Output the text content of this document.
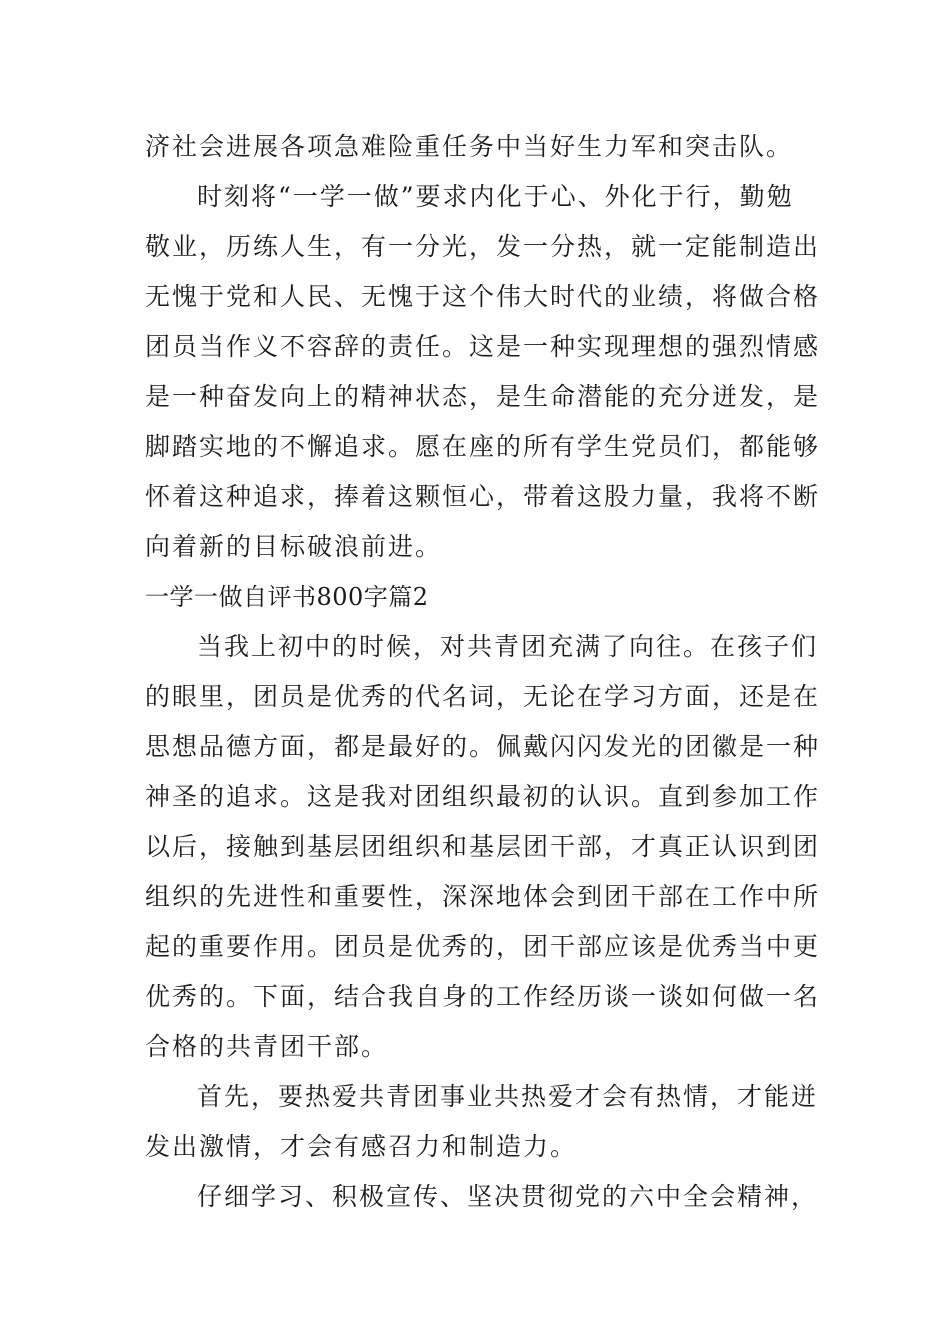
济社会进展各项急难险重任务中当好生力军和突击队。
时刻将“一学一做”要求内化于心、外化于行，勤勉
敬业，历练人生，有一分光，发一分热，就一定能制造出
无愧于党和人民、无愧于这个伟大时代的业绩，将做合格
团员当作义不容辞的责任。这是一种实现理想的强烈情感
是一种奋发向上的精神状态，是生命潜能的充分迸发，是
脚踏实地的不懈追求。愿在座的所有学生党员们，都能够
怀着这种追求，捧着这颗恒心，带着这股力量，我将不断
向着新的目标破浪前进。
一学一做自评书800字篇2
当我上初中的时候，对共青团充满了向往。在孩子们
的眼里，团员是优秀的代名词，无论在学习方面，还是在
思想品德方面，都是最好的。佩戴闪闪发光的团徽是一种
神圣的追求。这是我对团组织最初的认识。直到参加工作
以后，接触到基层团组织和基层团干部，才真正认识到团
组织的先进性和重要性，深深地体会到团干部在工作中所
起的重要作用。团员是优秀的，团干部应该是优秀当中更
优秀的。下面，结合我自身的工作经历谈一谈如何做一名
合格的共青团干部。
首先，要热爱共青团事业共热爱才会有热情，才能迸
发出激情，才会有感召力和制造力。
仔细学习、积极宣传、坚决贯彻党的六中全会精神，
